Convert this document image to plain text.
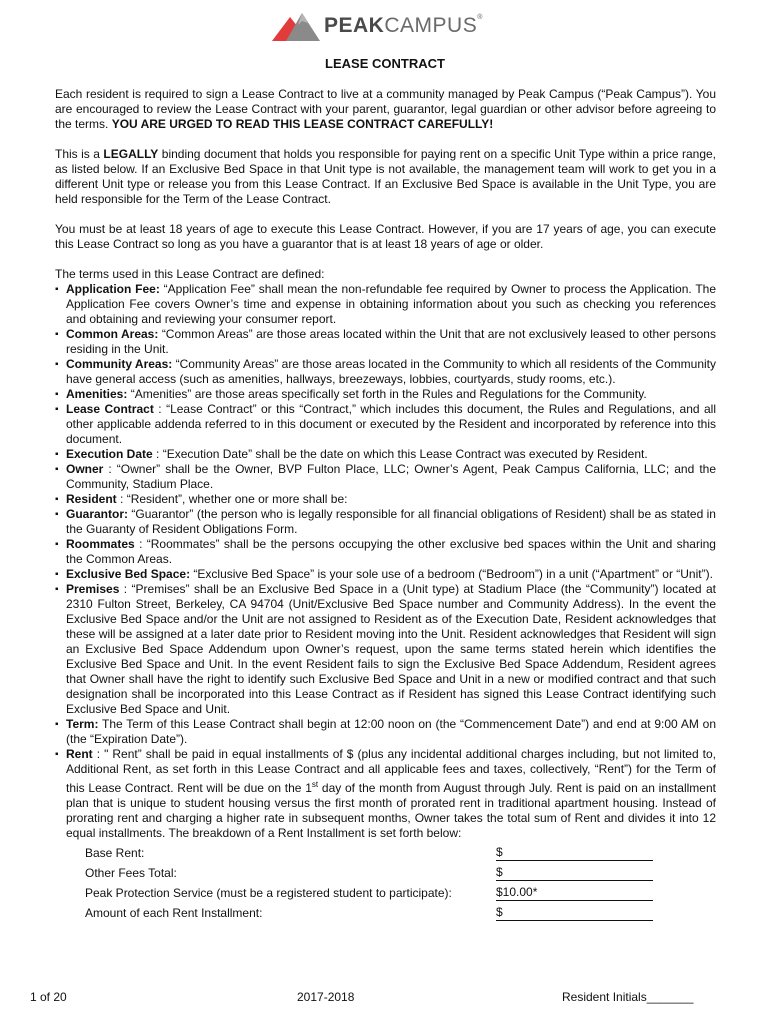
PEAKCAMPUS®
LEASE CONTRACT

Each resident is required to sign a Lease Contract to live at a community managed by Peak Campus (“Peak Campus”). You are encouraged to review the Lease Contract with your parent, guarantor, legal guardian or other advisor before agreeing to the terms. YOU ARE URGED TO READ THIS LEASE CONTRACT CAREFULLY!

This is a LEGALLY binding document that holds you responsible for paying rent on a specific Unit Type within a price range, as listed below. If an Exclusive Bed Space in that Unit type is not available, the management team will work to get you in a different Unit type or release you from this Lease Contract. If an Exclusive Bed Space is available in the Unit Type, you are held responsible for the Term of the Lease Contract.

You must be at least 18 years of age to execute this Lease Contract. However, if you are 17 years of age, you can execute this Lease Contract so long as you have a guarantor that is at least 18 years of age or older.

The terms used in this Lease Contract are defined:
▪ Application Fee: “Application Fee” shall mean the non-refundable fee required by Owner to process the Application. The Application Fee covers Owner’s time and expense in obtaining information about you such as checking you references and obtaining and reviewing your consumer report.
▪ Common Areas: “Common Areas” are those areas located within the Unit that are not exclusively leased to other persons residing in the Unit.
▪ Community Areas: “Community Areas” are those areas located in the Community to which all residents of the Community have general access (such as amenities, hallways, breezeways, lobbies, courtyards, study rooms, etc.).
▪ Amenities: “Amenities” are those areas specifically set forth in the Rules and Regulations for the Community.
▪ Lease Contract : “Lease Contract” or this “Contract,” which includes this document, the Rules and Regulations, and all other applicable addenda referred to in this document or executed by the Resident and incorporated by reference into this document.
▪ Execution Date : “Execution Date” shall be the date on which this Lease Contract was executed by Resident.
▪ Owner : “Owner” shall be the Owner, BVP Fulton Place, LLC; Owner’s Agent, Peak Campus California, LLC; and the Community, Stadium Place.
▪ Resident : “Resident”, whether one or more shall be:
▪ Guarantor: “Guarantor” (the person who is legally responsible for all financial obligations of Resident) shall be as stated in the Guaranty of Resident Obligations Form.
▪ Roommates : “Roommates” shall be the persons occupying the other exclusive bed spaces within the Unit and sharing the Common Areas.
▪ Exclusive Bed Space: “Exclusive Bed Space” is your sole use of a bedroom (“Bedroom”) in a unit (“Apartment” or “Unit”).
▪ Premises : “Premises” shall be an Exclusive Bed Space in a (Unit type) at Stadium Place (the “Community”) located at 2310 Fulton Street, Berkeley, CA 94704 (Unit/Exclusive Bed Space number and Community Address). In the event the Exclusive Bed Space and/or the Unit are not assigned to Resident as of the Execution Date, Resident acknowledges that these will be assigned at a later date prior to Resident moving into the Unit. Resident acknowledges that Resident will sign an Exclusive Bed Space Addendum upon Owner’s request, upon the same terms stated herein which identifies the Exclusive Bed Space and Unit. In the event Resident fails to sign the Exclusive Bed Space Addendum, Resident agrees that Owner shall have the right to identify such Exclusive Bed Space and Unit in a new or modified contract and that such designation shall be incorporated into this Lease Contract as if Resident has signed this Lease Contract identifying such Exclusive Bed Space and Unit.
▪ Term: The Term of this Lease Contract shall begin at 12:00 noon on (the “Commencement Date”) and end at 9:00 AM on (the “Expiration Date”).
▪ Rent : " Rent” shall be paid in equal installments of $ (plus any incidental additional charges including, but not limited to, Additional Rent, as set forth in this Lease Contract and all applicable fees and taxes, collectively, “Rent”) for the Term of this Lease Contract. Rent will be due on the 1st day of the month from August through July. Rent is paid on an installment plan that is unique to student housing versus the first month of prorated rent in traditional apartment housing. Instead of prorating rent and charging a higher rate in subsequent months, Owner takes the total sum of Rent and divides it into 12 equal installments. The breakdown of a Rent Installment is set forth below:
Base Rent:	$
Other Fees Total:	$
Peak Protection Service (must be a registered student to participate):	$10.00*
Amount of each Rent Installment:	$
1 of 20	2017-2018	Resident Initials_______
